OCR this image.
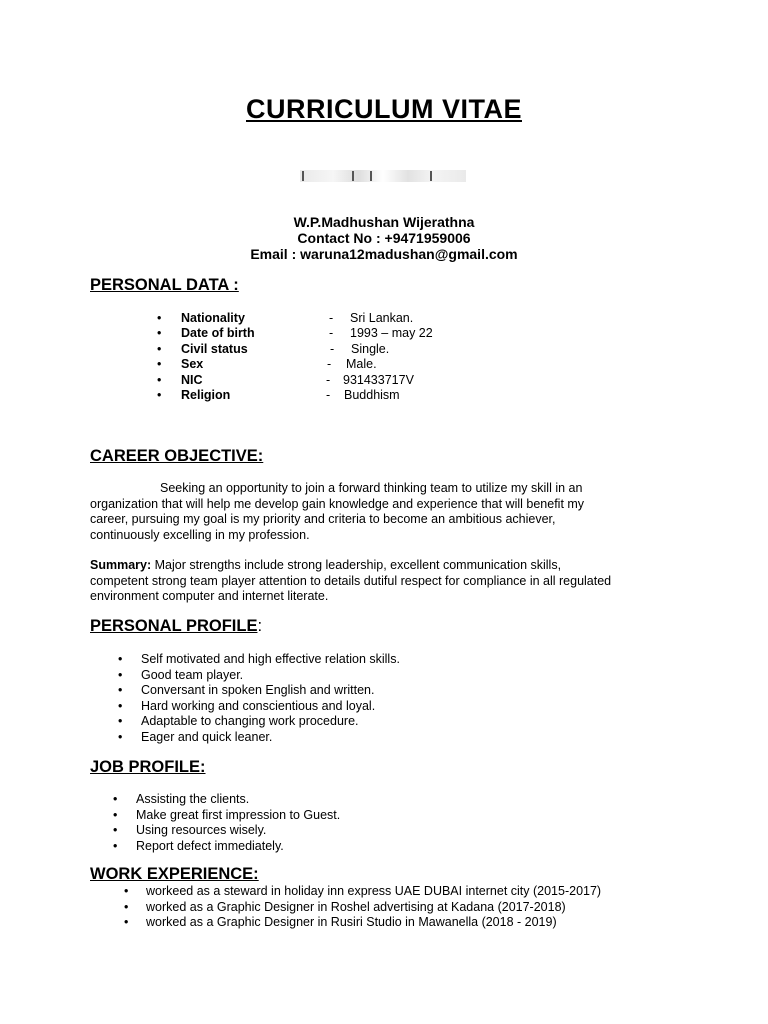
CURRICULUM VITAE
W.P.Madhushan Wijerathna
Contact No : +9471959006
Email : waruna12madushan@gmail.com
PERSONAL DATA :
• Nationality	- Sri Lankan.
• Date of birth	- 1993 – may 22
• Civil status	- Single.
• Sex	- Male.
• NIC	- 931433717V
• Religion	- Buddhism
CAREER OBJECTIVE:
Seeking an opportunity to join a forward thinking team to utilize my skill in an
organization that will help me develop gain knowledge and experience that will benefit my
career, pursuing my goal is my priority and criteria to become an ambitious achiever,
continuously excelling in my profession.
Summary: Major strengths include strong leadership, excellent communication skills,
competent strong team player attention to details dutiful respect for compliance in all regulated
environment computer and internet literate.
PERSONAL PROFILE:
• Self motivated and high effective relation skills.
• Good team player.
• Conversant in spoken English and written.
• Hard working and conscientious and loyal.
• Adaptable to changing work procedure.
• Eager and quick leaner.
JOB PROFILE:
• Assisting the clients.
• Make great first impression to Guest.
• Using resources wisely.
• Report defect immediately.
WORK EXPERIENCE:
• workeed as a steward in holiday inn express UAE DUBAI internet city (2015-2017)
• worked as a Graphic Designer in Roshel advertising at Kadana (2017-2018)
• worked as a Graphic Designer in Rusiri Studio in Mawanella (2018 - 2019)
